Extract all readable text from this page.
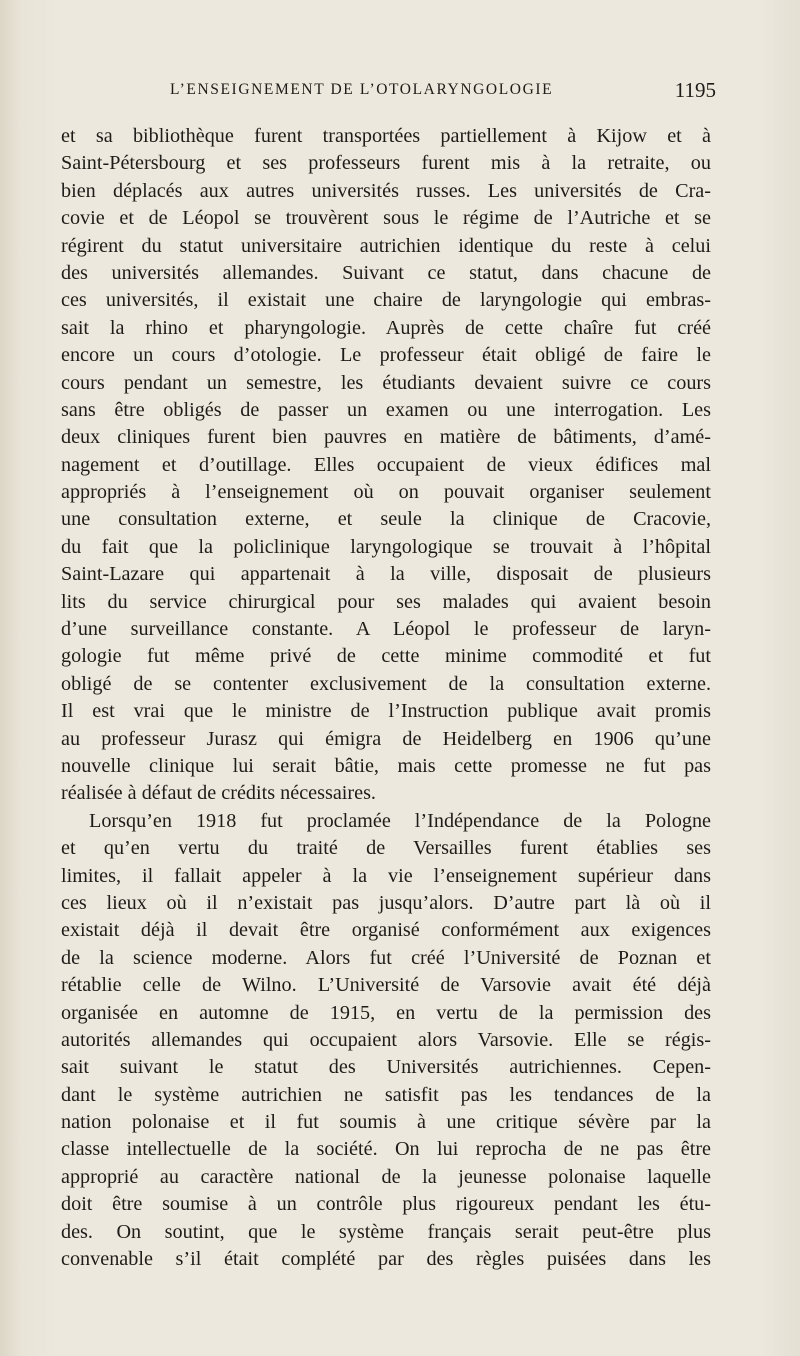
L’ENSEIGNEMENT DE L’OTOLARYNGOLOGIE	1195
et sa bibliothèque furent transportées partiellement à Kijow et à
Saint-Pétersbourg et ses professeurs furent mis à la retraite, ou
bien déplacés aux autres universités russes. Les universités de Cra-
covie et de Léopol se trouvèrent sous le régime de l’Autriche et se
régirent du statut universitaire autrichien identique du reste à celui
des universités allemandes. Suivant ce statut, dans chacune de
ces universités, il existait une chaire de laryngologie qui embras-
sait la rhino et pharyngologie. Auprès de cette chaîre fut créé
encore un cours d’otologie. Le professeur était obligé de faire le
cours pendant un semestre, les étudiants devaient suivre ce cours
sans être obligés de passer un examen ou une interrogation. Les
deux cliniques furent bien pauvres en matière de bâtiments, d’amé-
nagement et d’outillage. Elles occupaient de vieux édifices mal
appropriés à l’enseignement où on pouvait organiser seulement
une consultation externe, et seule la clinique de Cracovie,
du fait que la policlinique laryngologique se trouvait à l’hôpital
Saint-Lazare qui appartenait à la ville, disposait de plusieurs
lits du service chirurgical pour ses malades qui avaient besoin
d’une surveillance constante. A Léopol le professeur de laryn-
gologie fut même privé de cette minime commodité et fut
obligé de se contenter exclusivement de la consultation externe.
Il est vrai que le ministre de l’Instruction publique avait promis
au professeur Jurasz qui émigra de Heidelberg en 1906 qu’une
nouvelle clinique lui serait bâtie, mais cette promesse ne fut pas
réalisée à défaut de crédits nécessaires.
Lorsqu’en 1918 fut proclamée l’Indépendance de la Pologne
et qu’en vertu du traité de Versailles furent établies ses
limites, il fallait appeler à la vie l’enseignement supérieur dans
ces lieux où il n’existait pas jusqu’alors. D’autre part là où il
existait déjà il devait être organisé conformément aux exigences
de la science moderne. Alors fut créé l’Université de Poznan et
rétablie celle de Wilno. L’Université de Varsovie avait été déjà
organisée en automne de 1915, en vertu de la permission des
autorités allemandes qui occupaient alors Varsovie. Elle se régis-
sait suivant le statut des Universités autrichiennes. Cepen-
dant le système autrichien ne satisfit pas les tendances de la
nation polonaise et il fut soumis à une critique sévère par la
classe intellectuelle de la société. On lui reprocha de ne pas être
approprié au caractère national de la jeunesse polonaise laquelle
doit être soumise à un contrôle plus rigoureux pendant les étu-
des. On soutint, que le système français serait peut-être plus
convenable s’il était complété par des règles puisées dans les
